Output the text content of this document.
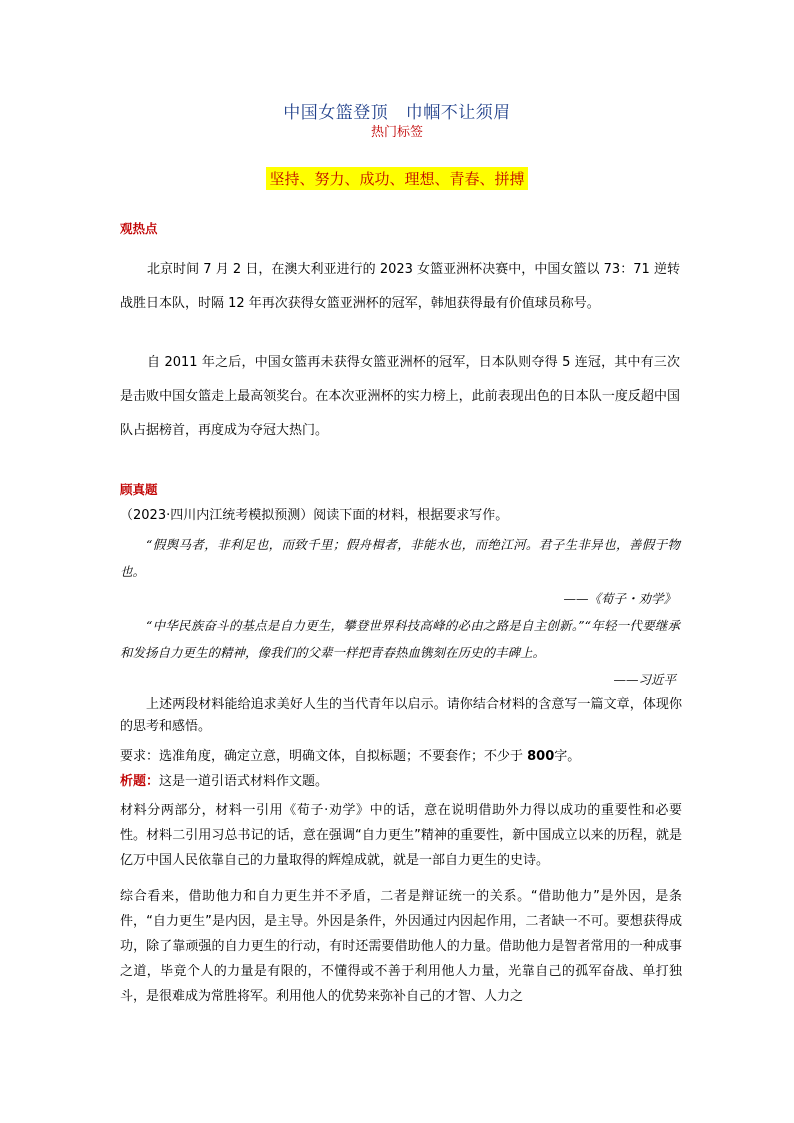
中国女篮登顶　巾帼不让须眉
热门标签
坚持、努力、成功、理想、青春、拼搏
观热点
北京时间 7 月 2 日，在澳大利亚进行的 2023 女篮亚洲杯决赛中，中国女篮以 73：71 逆转战胜日本队，时隔 12 年再次获得女篮亚洲杯的冠军，韩旭获得最有价值球员称号。
自 2011 年之后，中国女篮再未获得女篮亚洲杯的冠军，日本队则夺得 5 连冠，其中有三次是击败中国女篮走上最高领奖台。在本次亚洲杯的实力榜上，此前表现出色的日本队一度反超中国队占据榜首，再度成为夺冠大热门。
顾真题
（2023·四川内江统考模拟预测）阅读下面的材料，根据要求写作。
“假舆马者，非利足也，而致千里；假舟楫者，非能水也，而绝江河。君子生非异也，善假于物也。
——《荀子・劝学》
“中华民族奋斗的基点是自力更生，攀登世界科技高峰的必由之路是自主创新。”“年轻一代要继承和发扬自力更生的精神，像我们的父辈一样把青春热血镌刻在历史的丰碑上。
——习近平
上述两段材料能给追求美好人生的当代青年以启示。请你结合材料的含意写一篇文章，体现你的思考和感悟。
要求：选准角度，确定立意，明确文体，自拟标题；不要套作；不少于 800字。
析题：这是一道引语式材料作文题。
材料分两部分，材料一引用《荀子·劝学》中的话，意在说明借助外力得以成功的重要性和必要性。材料二引用习总书记的话，意在强调“自力更生”精神的重要性，新中国成立以来的历程，就是亿万中国人民依靠自己的力量取得的辉煌成就，就是一部自力更生的史诗。
综合看来，借助他力和自力更生并不矛盾，二者是辩证统一的关系。“借助他力”是外因，是条件，“自力更生”是内因，是主导。外因是条件，外因通过内因起作用，二者缺一不可。要想获得成功，除了靠顽强的自力更生的行动，有时还需要借助他人的力量。借助他力是智者常用的一种成事之道，毕竟个人的力量是有限的，不懂得或不善于利用他人力量，光靠自己的孤军奋战、单打独斗，是很难成为常胜将军。利用他人的优势来弥补自己的才智、人力之
